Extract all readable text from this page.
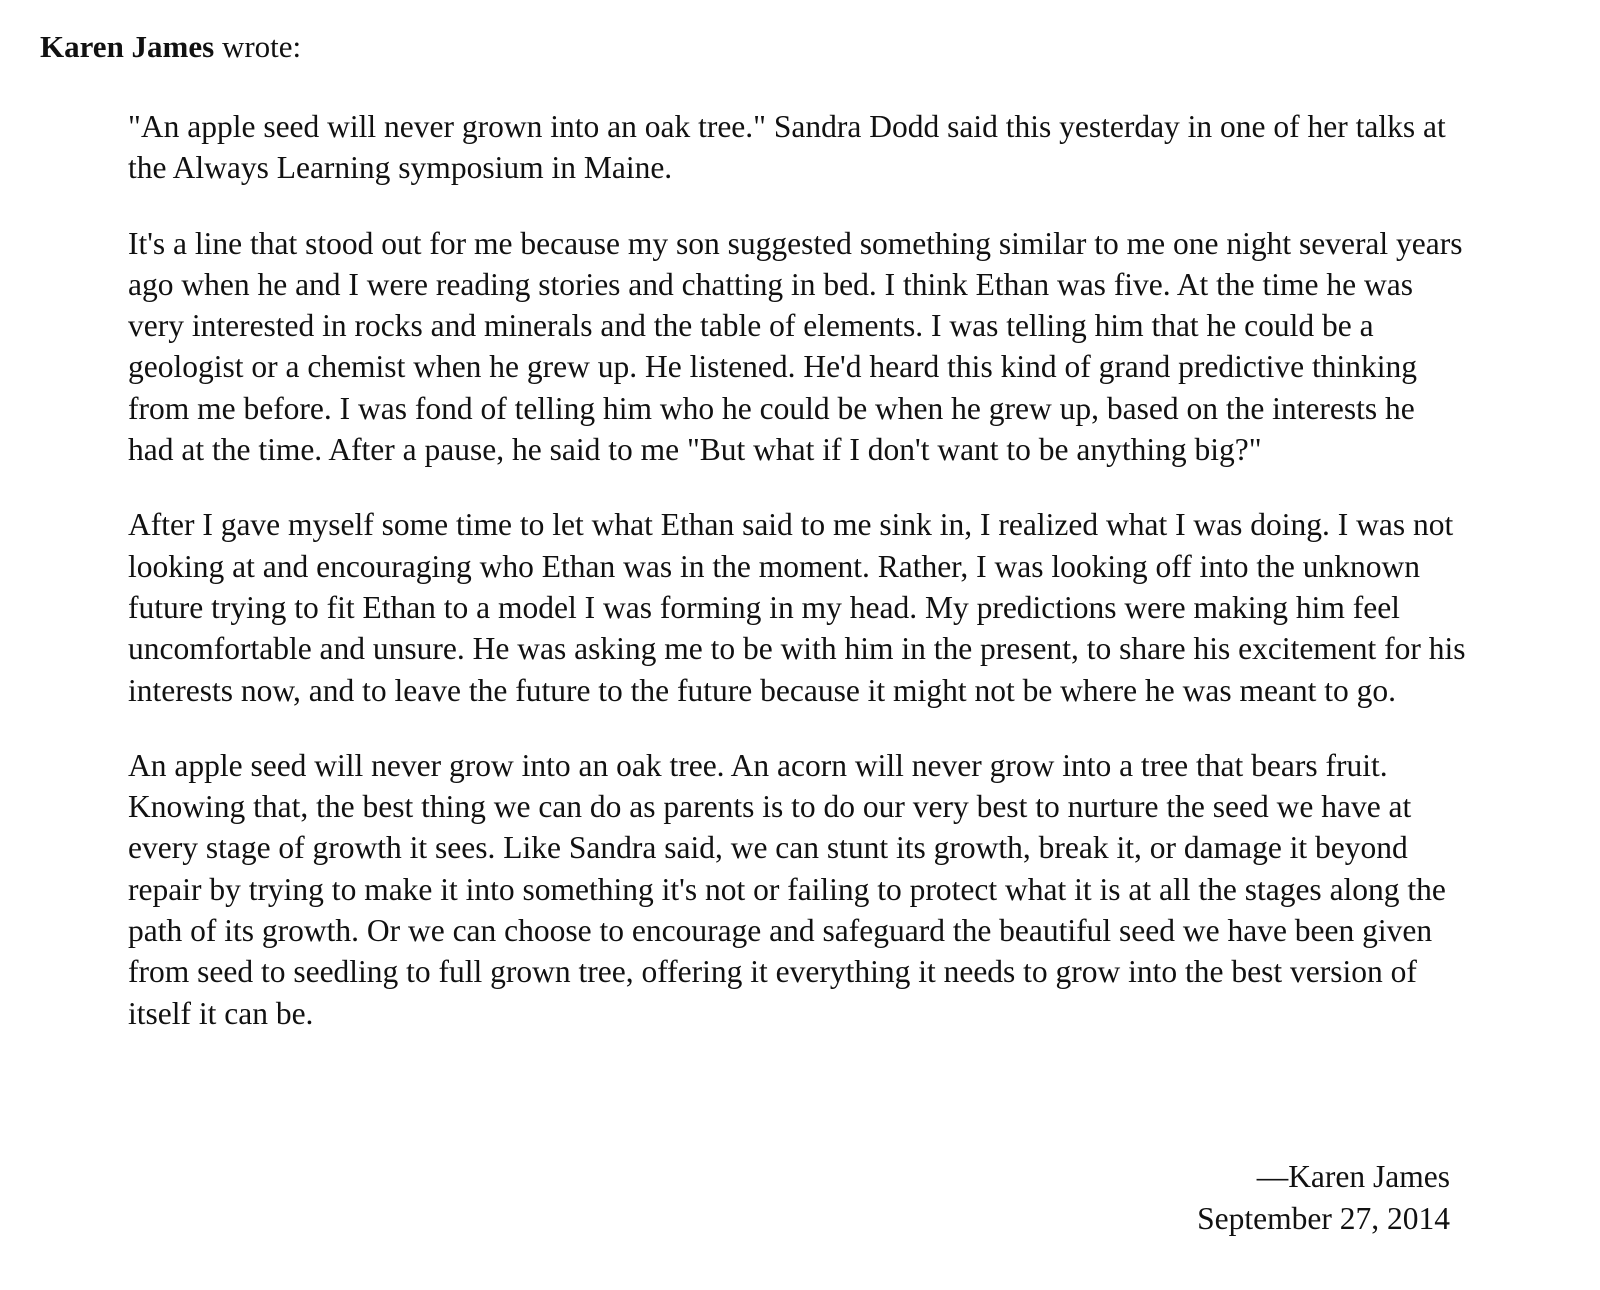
Karen James wrote:

"An apple seed will never grown into an oak tree." Sandra Dodd said this yesterday in one of her talks at the Always Learning symposium in Maine.

It's a line that stood out for me because my son suggested something similar to me one night several years ago when he and I were reading stories and chatting in bed. I think Ethan was five. At the time he was very interested in rocks and minerals and the table of elements. I was telling him that he could be a geologist or a chemist when he grew up. He listened. He'd heard this kind of grand predictive thinking from me before. I was fond of telling him who he could be when he grew up, based on the interests he had at the time. After a pause, he said to me "But what if I don't want to be anything big?"

After I gave myself some time to let what Ethan said to me sink in, I realized what I was doing. I was not looking at and encouraging who Ethan was in the moment. Rather, I was looking off into the unknown future trying to fit Ethan to a model I was forming in my head. My predictions were making him feel uncomfortable and unsure. He was asking me to be with him in the present, to share his excitement for his interests now, and to leave the future to the future because it might not be where he was meant to go.

An apple seed will never grow into an oak tree. An acorn will never grow into a tree that bears fruit. Knowing that, the best thing we can do as parents is to do our very best to nurture the seed we have at every stage of growth it sees. Like Sandra said, we can stunt its growth, break it, or damage it beyond repair by trying to make it into something it's not or failing to protect what it is at all the stages along the path of its growth. Or we can choose to encourage and safeguard the beautiful seed we have been given from seed to seedling to full grown tree, offering it everything it needs to grow into the best version of itself it can be.

—Karen James
September 27, 2014
